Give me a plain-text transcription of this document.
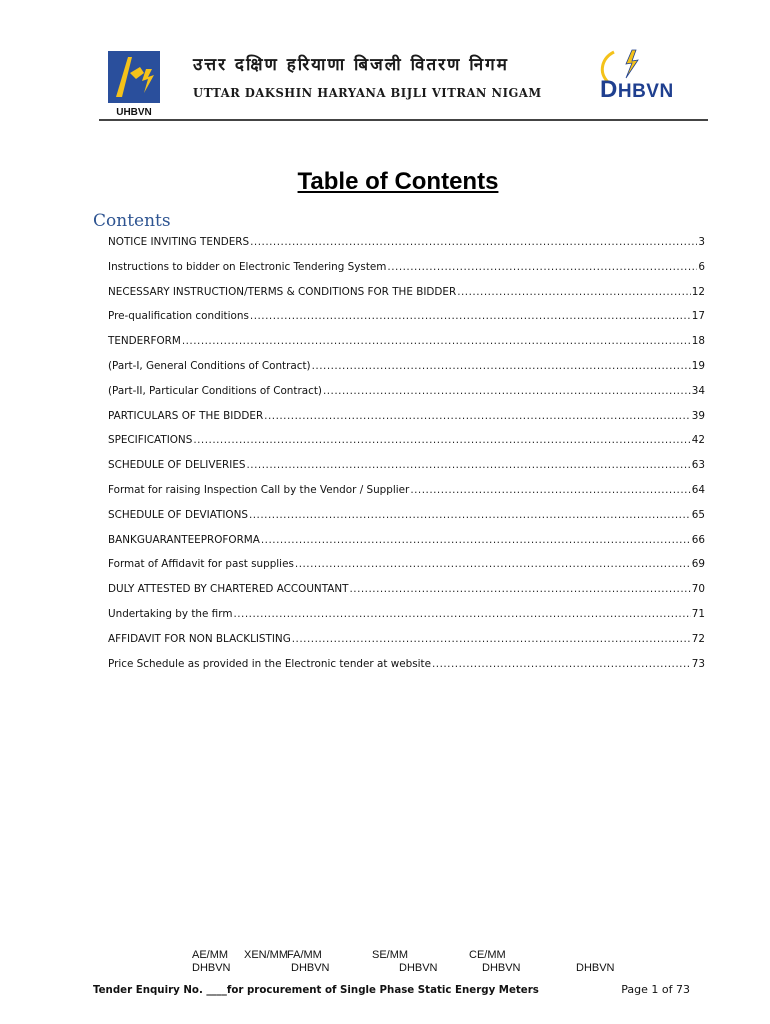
UHBVN
उत्तर दक्षिण हरियाणा बिजली वितरण निगम
UTTAR DAKSHIN HARYANA BIJLI VITRAN NIGAM DHBVN
Table of Contents
Contents
NOTICE INVITING TENDERS .....	3
Instructions to bidder on Electronic Tendering System .....	6
NECESSARY INSTRUCTION/TERMS & CONDITIONS FOR THE BIDDER .....	12
Pre-qualification conditions .....	17
TENDERFORM .....	18
(Part-I, General Conditions of Contract) .....	19
(Part-II, Particular Conditions of Contract) .....	34
PARTICULARS OF THE BIDDER .....	39
SPECIFICATIONS .....	42
SCHEDULE OF DELIVERIES .....	63
Format for raising Inspection Call by the Vendor / Supplier .....	64
SCHEDULE OF DEVIATIONS .....	65
BANKGUARANTEEPROFORMA .....	66
Format of Affidavit for past supplies .....	69
DULY ATTESTED BY CHARTERED ACCOUNTANT .....	70
Undertaking by the firm .....	71
AFFIDAVIT FOR NON BLACKLISTING .....	72
Price Schedule as provided in the Electronic tender at website .....	73
AE/MM XEN/MM FA/MM	SE/MM	CE/MM
DHBVN	DHBVN	DHBVN	DHBVN	DHBVN
Tender Enquiry No. ____for procurement of Single Phase Static Energy Meters	Page 1 of 73
